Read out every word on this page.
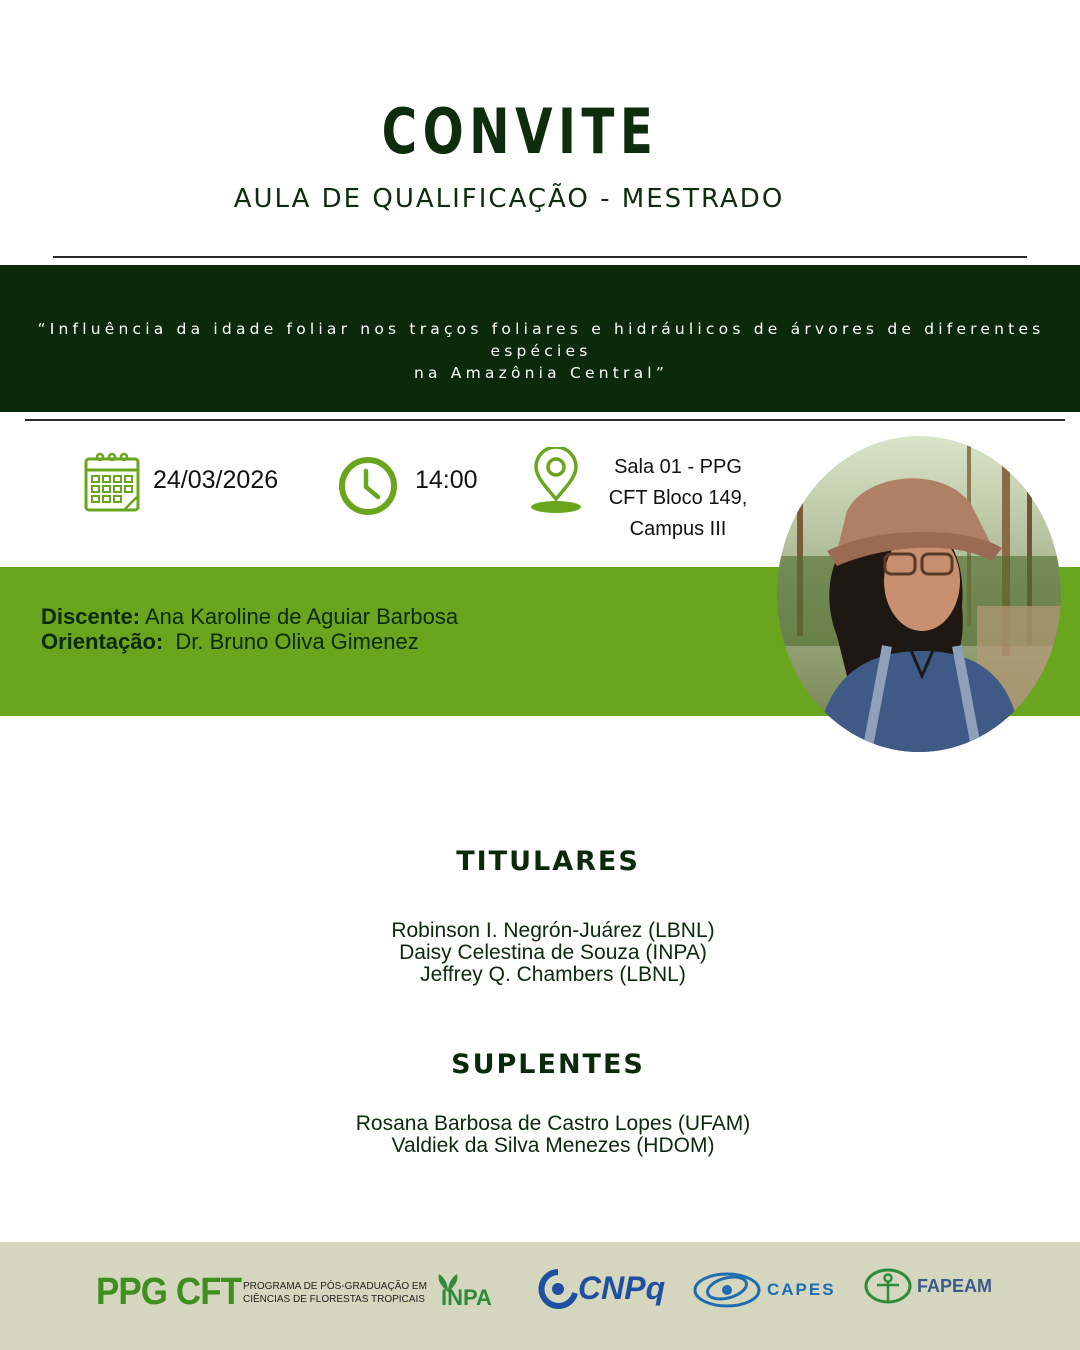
CONVITE
AULA DE QUALIFICAÇÃO - MESTRADO
“Influência da idade foliar nos traços foliares e hidráulicos de árvores de diferentes espécies
na Amazônia Central”
24/03/2026	14:00	Sala 01 - PPG
CFT Bloco 149,
Campus III
Discente: Ana Karoline de Aguiar Barbosa
Orientação: Dr. Bruno Oliva Gimenez
TITULARES
Robinson I. Negrón-Juárez (LBNL)
Daisy Celestina de Souza (INPA)
Jeffrey Q. Chambers (LBNL)
SUPLENTES
Rosana Barbosa de Castro Lopes (UFAM)
Valdiek da Silva Menezes (HDOM)
PPG CFT PROGRAMA DE PÓS-GRADUAÇÃO EM
CIÊNCIAS DE FLORESTAS TROPICAIS INPA	CNPq	CAPES	FAPEAM
